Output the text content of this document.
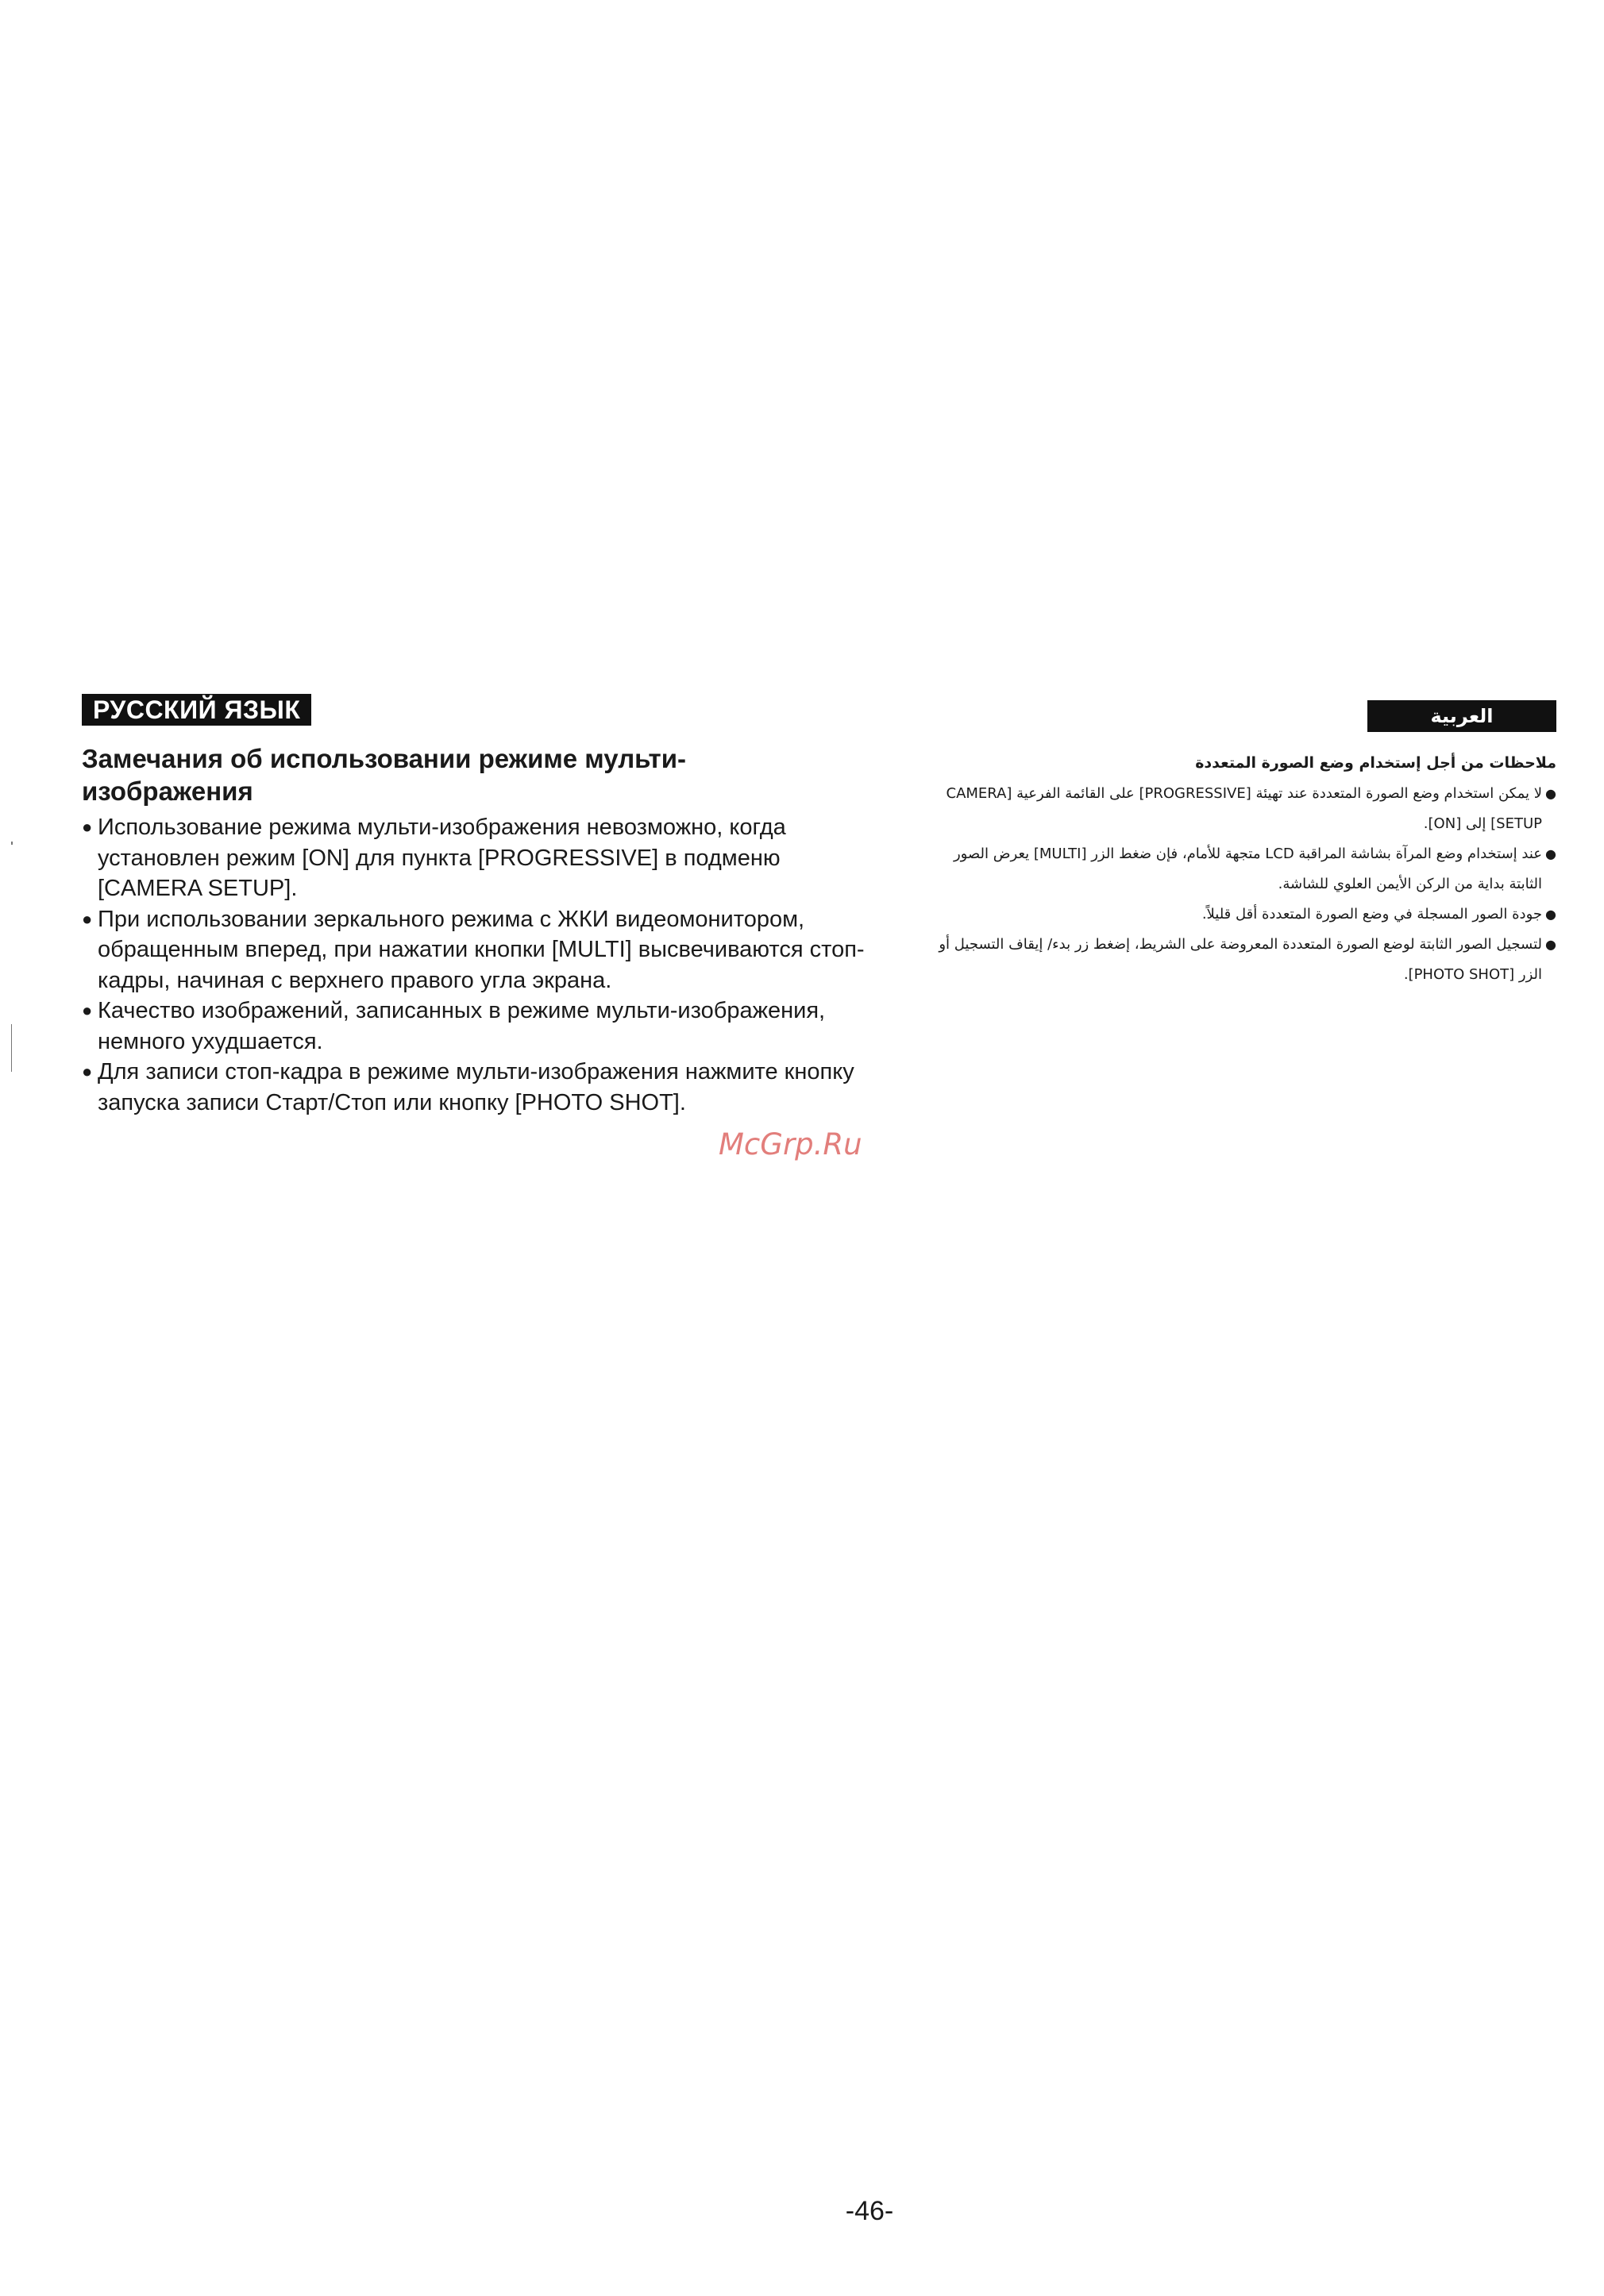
РУССКИЙ ЯЗЫК
Замечания об использовании режиме мульти-
изображения
● Использование режима мульти-изображения невозможно, когда установлен режим [ON] для пункта [PROGRESSIVE] в подменю [CAMERA SETUP].
● При использовании зеркального режима с ЖКИ видеомонитором, обращенным вперед, при нажатии кнопки [MULTI] высвечиваются стоп-кадры, начиная с верхнего правого угла экрана.
● Качество изображений, записанных в режиме мульти-изображения, немного ухудшается.
● Для записи стоп-кадра в режиме мульти-изображения нажмите кнопку запуска записи Старт/Стоп или кнопку [PHOTO SHOT].
العربية
ملاحظات من أجل إستخدام وضع الصورة المتعددة
●
لا يمكن استخدام وضع الصورة المتعددة عند تهيئة [PROGRESSIVE] على القائمة الفرعية [CAMERA SETUP] إلى [ON].
●
عند إستخدام وضع المرآة بشاشة المراقبة LCD متجهة للأمام، فإن ضغط الزر [MULTI] يعرض الصور الثابتة بداية من الركن الأيمن العلوي للشاشة.
●
جودة الصور المسجلة في وضع الصورة المتعددة أقل قليلاً.
●
لتسجيل الصور الثابتة لوضع الصورة المتعددة المعروضة على الشريط، إضغط زر بدء/ إيقاف التسجيل أو الزر [PHOTO SHOT].
McGrp.Ru
-46-
